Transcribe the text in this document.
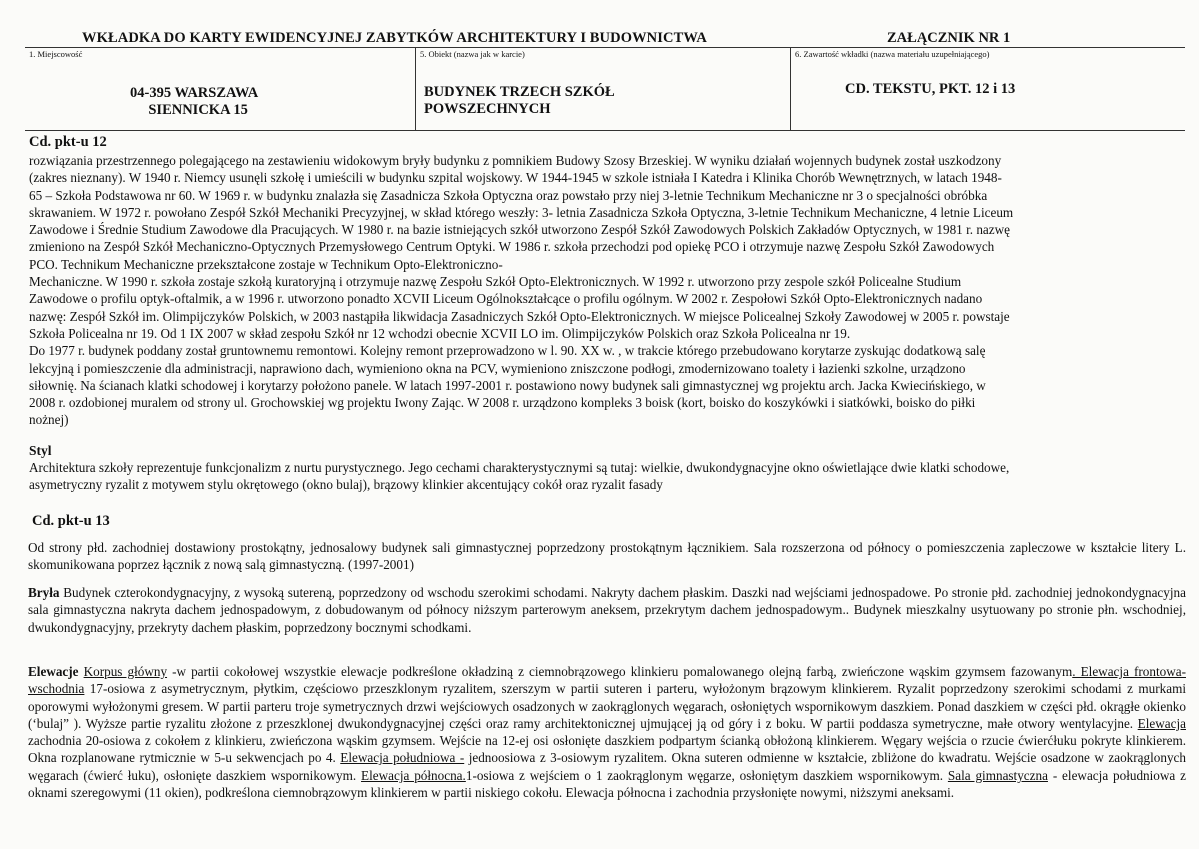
WKŁADKA DO KARTY EWIDENCYJNEJ ZABYTKÓW ARCHITEKTURY I BUDOWNICTWA	ZAŁĄCZNIK NR 1
1. Miejscowość
04-395 WARSZAWA
SIENNICKA 15
5. Obiekt (nazwa jak w karcie)
BUDYNEK TRZECH SZKÓŁ
POWSZECHNYCH
6. Zawartość wkładki (nazwa materiału uzupełniającego)
CD. TEKSTU, PKT. 12 i 13
Cd. pkt-u 12
rozwiązania przestrzennego polegającego na zestawieniu widokowym bryły budynku z pomnikiem Budowy Szosy Brzeskiej. W wyniku działań wojennych budynek został uszkodzony
(zakres nieznany). W 1940 r. Niemcy usunęli szkołę i umieścili w budynku szpital wojskowy. W 1944-1945 w szkole istniała I Katedra i Klinika Chorób Wewnętrznych, w latach 1948-
65 – Szkoła Podstawowa nr 60. W 1969 r. w budynku znalazła się Zasadnicza Szkoła Optyczna oraz powstało przy niej 3-letnie Technikum Mechaniczne nr 3 o specjalności obróbka
skrawaniem. W 1972 r. powołano Zespół Szkół Mechaniki Precyzyjnej, w skład którego weszły: 3- letnia Zasadnicza Szkoła Optyczna, 3-letnie Technikum Mechaniczne, 4 letnie Liceum
Zawodowe i Średnie Studium Zawodowe dla Pracujących. W 1980 r. na bazie istniejących szkół utworzono Zespół Szkół Zawodowych Polskich Zakładów Optycznych, w 1981 r. nazwę
zmieniono na Zespół Szkół Mechaniczno-Optycznych Przemysłowego Centrum Optyki. W 1986 r. szkoła przechodzi pod opiekę PCO i otrzymuje nazwę Zespołu Szkół Zawodowych
PCO. Technikum Mechaniczne przekształcone zostaje w Technikum Opto-Elektroniczno-
Mechaniczne. W 1990 r. szkoła zostaje szkołą kuratoryjną i otrzymuje nazwę Zespołu Szkół Opto-Elektronicznych. W 1992 r. utworzono przy zespole szkół Policealne Studium
Zawodowe o profilu optyk-oftalmik, a w 1996 r. utworzono ponadto XCVII Liceum Ogólnokształcące o profilu ogólnym. W 2002 r. Zespołowi Szkół Opto-Elektronicznych nadano
nazwę: Zespół Szkół im. Olimpijczyków Polskich, w 2003 nastąpiła likwidacja Zasadniczych Szkół Opto-Elektronicznych. W miejsce Policealnej Szkoły Zawodowej w 2005 r. powstaje
Szkoła Policealna nr 19. Od 1 IX 2007 w skład zespołu Szkół nr 12 wchodzi obecnie XCVII LO im. Olimpijczyków Polskich oraz Szkoła Policealna nr 19.
Do 1977 r. budynek poddany został gruntownemu remontowi. Kolejny remont przeprowadzono w l. 90. XX w. , w trakcie którego przebudowano korytarze zyskując dodatkową salę
lekcyjną i pomieszczenie dla administracji, naprawiono dach, wymieniono okna na PCV, wymieniono zniszczone podłogi, zmodernizowano toalety i łazienki szkolne, urządzono
siłownię. Na ścianach klatki schodowej i korytarzy położono panele. W latach 1997-2001 r. postawiono nowy budynek sali gimnastycznej wg projektu arch. Jacka Kwiecińskiego, w
2008 r. ozdobionej muralem od strony ul. Grochowskiej wg projektu Iwony Zając. W 2008 r. urządzono kompleks 3 boisk (kort, boisko do koszykówki i siatkówki, boisko do piłki
nożnej)
Styl
Architektura szkoły reprezentuje funkcjonalizm z nurtu purystycznego. Jego cechami charakterystycznymi są tutaj: wielkie, dwukondygnacyjne okno oświetlające dwie klatki schodowe,
asymetryczny ryzalit z motywem stylu okrętowego (okno bulaj), brązowy klinkier akcentujący cokół oraz ryzalit fasady
Cd. pkt-u 13
Od strony płd. zachodniej dostawiony prostokątny, jednosalowy budynek sali gimnastycznej poprzedzony prostokątnym łącznikiem. Sala rozszerzona od północy o pomieszczenia zapleczowe w kształcie litery L. skomunikowana poprzez łącznik z nową salą gimnastyczną. (1997-2001)
Bryła Budynek czterokondygnacyjny, z wysoką sutereną, poprzedzony od wschodu szerokimi schodami. Nakryty dachem płaskim. Daszki nad wejściami jednospadowe. Po stronie płd. zachodniej jednokondygnacyjna sala gimnastyczna nakryta dachem jednospadowym, z dobudowanym od północy niższym parterowym aneksem, przekrytym dachem jednospadowym.. Budynek mieszkalny usytuowany po stronie płn. wschodniej, dwukondygnacyjny, przekryty dachem płaskim, poprzedzony bocznymi schodkami.
Elewacje Korpus główny -w partii cokołowej wszystkie elewacje podkreślone okładziną z ciemnobrązowego klinkieru pomalowanego olejną farbą, zwieńczone wąskim gzymsem fazowanym. Elewacja frontowa-wschodnia 17-osiowa z asymetrycznym, płytkim, częściowo przeszklonym ryzalitem, szerszym w partii suteren i parteru, wyłożonym brązowym klinkierem. Ryzalit poprzedzony szerokimi schodami z murkami oporowymi wyłożonymi gresem. W partii parteru troje symetrycznych drzwi wejściowych osadzonych w zaokrąglonych węgarach, osłoniętych wspornikowym daszkiem. Ponad daszkiem w części płd. okrągłe okienko (‘bulaj” ). Wyższe partie ryzalitu złożone z przeszklonej dwukondygnacyjnej części oraz ramy architektonicznej ujmującej ją od góry i z boku. W partii poddasza symetryczne, małe otwory wentylacyjne. Elewacja zachodnia 20-osiowa z cokołem z klinkieru, zwieńczona wąskim gzymsem. Wejście na 12-ej osi osłonięte daszkiem podpartym ścianką obłożoną klinkierem. Węgary wejścia o rzucie ćwierćłuku pokryte klinkierem. Okna rozplanowane rytmicznie w 5-u sekwencjach po 4. Elewacja południowa - jednoosiowa z 3-osiowym ryzalitem. Okna suteren odmienne w kształcie, zbliżone do kwadratu. Wejście osadzone w zaokrąglonych węgarach (ćwierć łuku), osłonięte daszkiem wspornikowym. Elewacja północna.1-osiowa z wejściem o 1 zaokrąglonym węgarze, osłoniętym daszkiem wspornikowym. Sala gimnastyczna - elewacja południowa z oknami szeregowymi (11 okien), podkreślona ciemnobrązowym klinkierem w partii niskiego cokołu. Elewacja północna i zachodnia przysłonięte nowymi, niższymi aneksami.
